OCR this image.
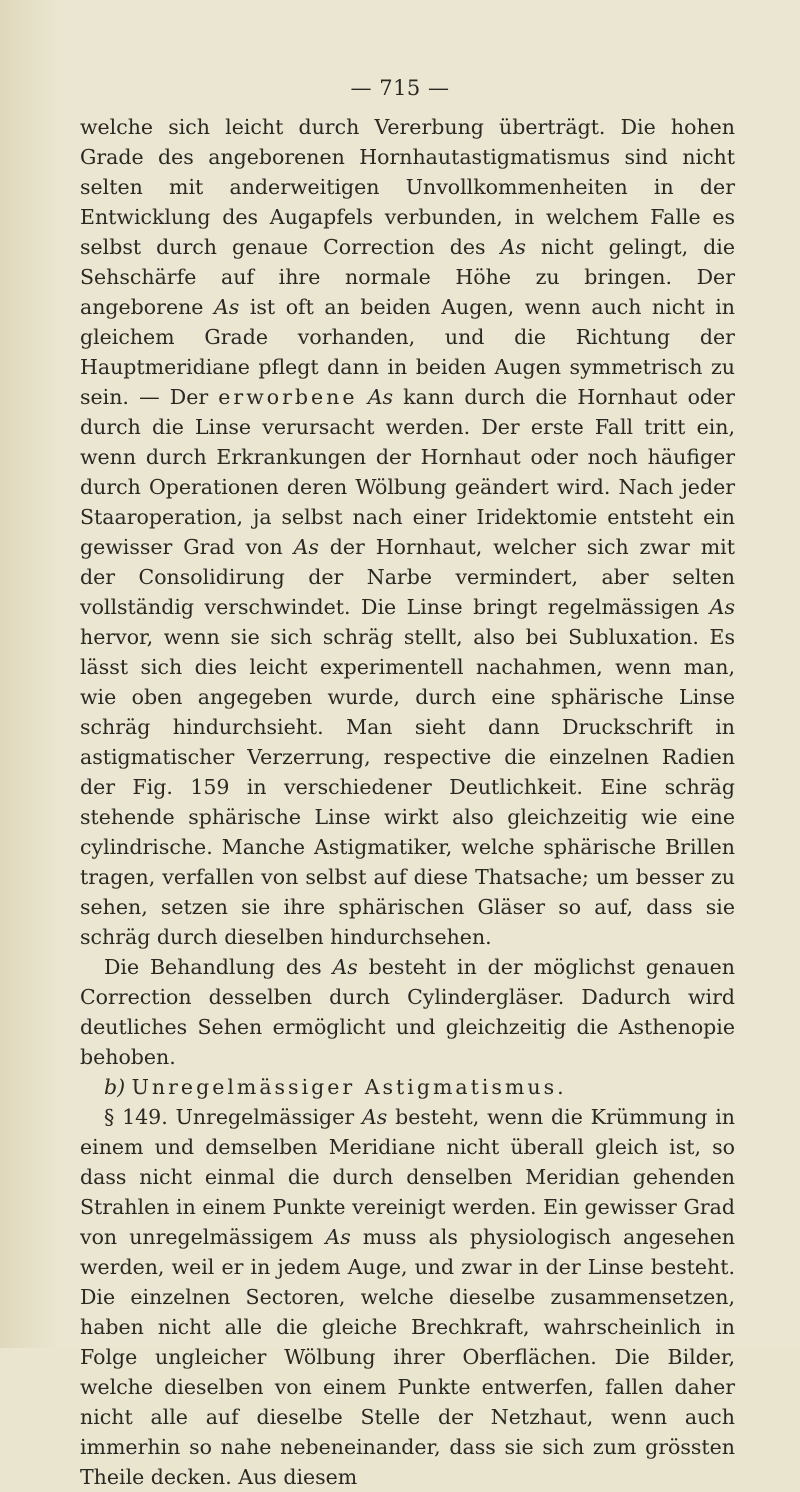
— 715 —

welche sich leicht durch Vererbung überträgt. Die hohen Grade des angeborenen Hornhautastigmatismus sind nicht selten mit anderweitigen Unvollkommenheiten in der Entwicklung des Augapfels verbunden, in welchem Falle es selbst durch genaue Correction des As nicht gelingt, die Sehschärfe auf ihre normale Höhe zu bringen. Der angeborene As ist oft an beiden Augen, wenn auch nicht in gleichem Grade vorhanden, und die Richtung der Hauptmeridiane pflegt dann in beiden Augen symmetrisch zu sein. — Der erworbene As kann durch die Hornhaut oder durch die Linse verursacht werden. Der erste Fall tritt ein, wenn durch Erkrankungen der Hornhaut oder noch häufiger durch Operationen deren Wölbung geändert wird. Nach jeder Staaroperation, ja selbst nach einer Iridektomie entsteht ein gewisser Grad von As der Hornhaut, welcher sich zwar mit der Consolidirung der Narbe vermindert, aber selten vollständig verschwindet. Die Linse bringt regelmässigen As hervor, wenn sie sich schräg stellt, also bei Subluxation. Es lässt sich dies leicht experimentell nachahmen, wenn man, wie oben angegeben wurde, durch eine sphärische Linse schräg hindurchsieht. Man sieht dann Druckschrift in astigmatischer Verzerrung, respective die einzelnen Radien der Fig. 159 in verschiedener Deutlichkeit. Eine schräg stehende sphärische Linse wirkt also gleichzeitig wie eine cylindrische. Manche Astigmatiker, welche sphärische Brillen tragen, verfallen von selbst auf diese Thatsache; um besser zu sehen, setzen sie ihre sphärischen Gläser so auf, dass sie schräg durch dieselben hindurchsehen.

Die Behandlung des As besteht in der möglichst genauen Correction desselben durch Cylindergläser. Dadurch wird deutliches Sehen ermöglicht und gleichzeitig die Asthenopie behoben.

b) Unregelmässiger Astigmatismus.

§ 149. Unregelmässiger As besteht, wenn die Krümmung in einem und demselben Meridiane nicht überall gleich ist, so dass nicht einmal die durch denselben Meridian gehenden Strahlen in einem Punkte vereinigt werden. Ein gewisser Grad von unregelmässigem As muss als physiologisch angesehen werden, weil er in jedem Auge, und zwar in der Linse besteht. Die einzelnen Sectoren, welche dieselbe zusammensetzen, haben nicht alle die gleiche Brechkraft, wahrscheinlich in Folge ungleicher Wölbung ihrer Oberflächen. Die Bilder, welche dieselben von einem Punkte entwerfen, fallen daher nicht alle auf dieselbe Stelle der Netzhaut, wenn auch immerhin so nahe nebeneinander, dass sie sich zum grössten Theile decken. Aus diesem
